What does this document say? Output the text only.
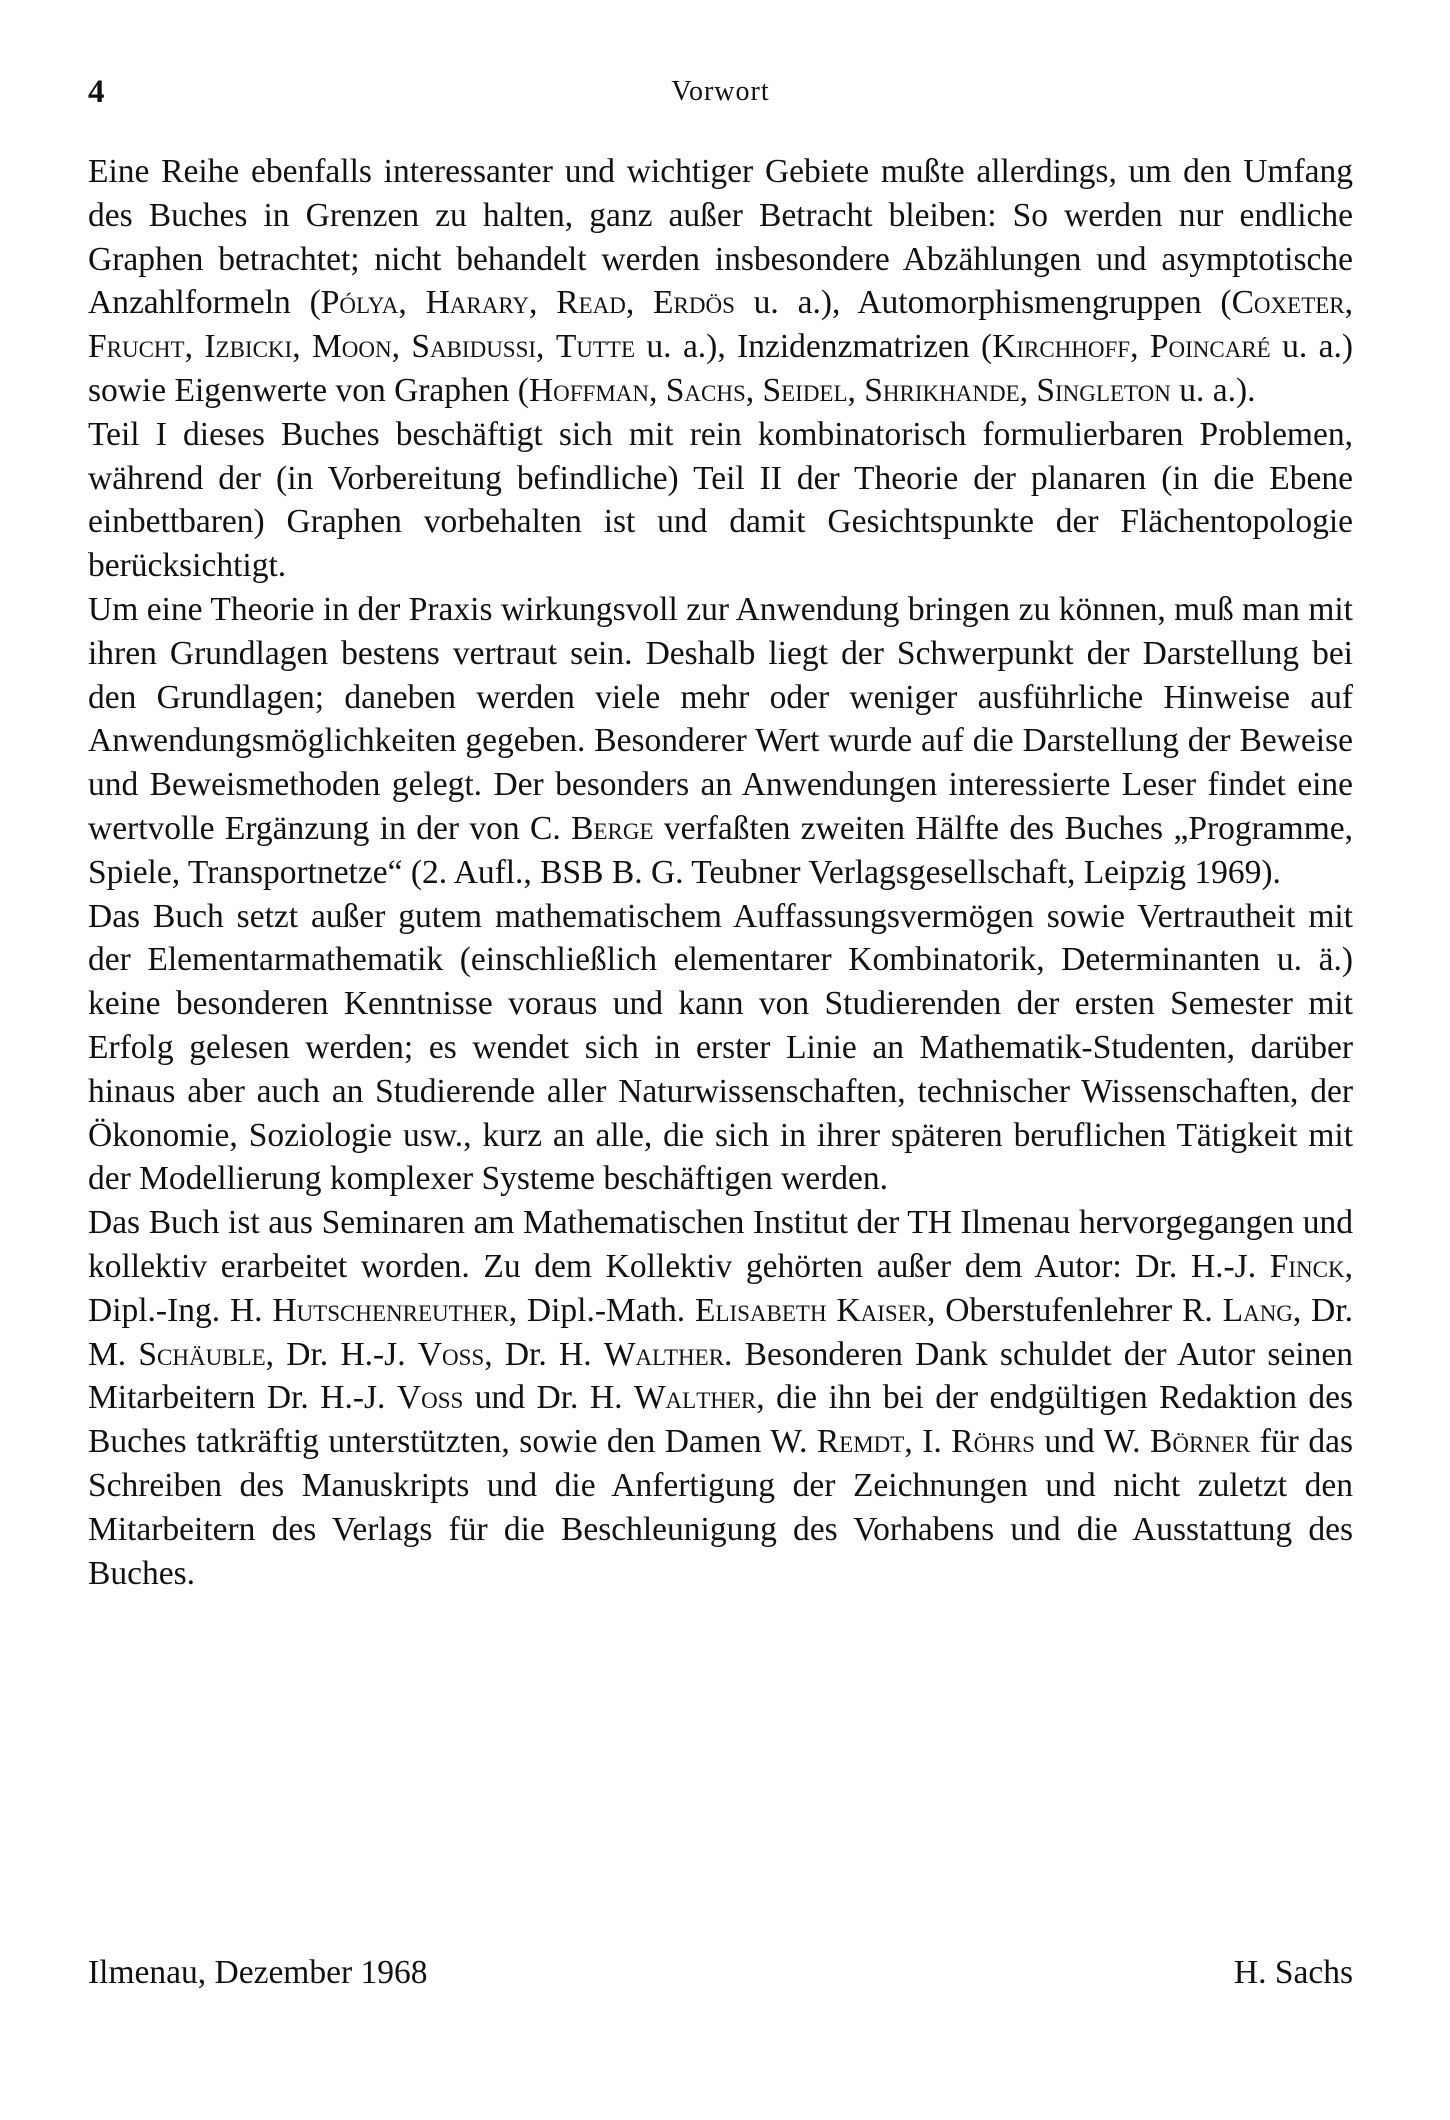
4	Vorwort

Eine Reihe ebenfalls interessanter und wichtiger Gebiete mußte allerdings, um den Umfang des Buches in Grenzen zu halten, ganz außer Betracht bleiben: So werden nur endliche Graphen betrachtet; nicht behandelt werden insbesondere Abzählungen und asymptotische Anzahlformeln (Pólya, Harary, Read, Erdös u. a.), Automorphismengruppen (Coxeter, Frucht, Izbicki, Moon, Sabidussi, Tutte u. a.), Inzidenzmatrizen (Kirchhoff, Poincaré u. a.) sowie Eigenwerte von Graphen (Hoffman, Sachs, Seidel, Shrikhande, Singleton u. a.).

Teil I dieses Buches beschäftigt sich mit rein kombinatorisch formulierbaren Problemen, während der (in Vorbereitung befindliche) Teil II der Theorie der planaren (in die Ebene einbettbaren) Graphen vorbehalten ist und damit Gesichtspunkte der Flächentopologie berücksichtigt.

Um eine Theorie in der Praxis wirkungsvoll zur Anwendung bringen zu können, muß man mit ihren Grundlagen bestens vertraut sein. Deshalb liegt der Schwerpunkt der Darstellung bei den Grundlagen; daneben werden viele mehr oder weniger ausführliche Hinweise auf Anwendungsmöglichkeiten gegeben. Besonderer Wert wurde auf die Darstellung der Beweise und Beweismethoden gelegt. Der besonders an Anwendungen interessierte Leser findet eine wertvolle Ergänzung in der von C. Berge verfaßten zweiten Hälfte des Buches „Programme, Spiele, Transportnetze“ (2. Aufl., BSB B. G. Teubner Verlagsgesellschaft, Leipzig 1969).

Das Buch setzt außer gutem mathematischem Auffassungsvermögen sowie Vertrautheit mit der Elementarmathematik (einschließlich elementarer Kombinatorik, Determinanten u. ä.) keine besonderen Kenntnisse voraus und kann von Studierenden der ersten Semester mit Erfolg gelesen werden; es wendet sich in erster Linie an Mathematik-Studenten, darüber hinaus aber auch an Studierende aller Naturwissenschaften, technischer Wissenschaften, der Ökonomie, Soziologie usw., kurz an alle, die sich in ihrer späteren beruflichen Tätigkeit mit der Modellierung komplexer Systeme beschäftigen werden.

Das Buch ist aus Seminaren am Mathematischen Institut der TH Ilmenau hervorgegangen und kollektiv erarbeitet worden. Zu dem Kollektiv gehörten außer dem Autor: Dr. H.-J. Finck, Dipl.-Ing. H. Hutschenreuther, Dipl.-Math. Elisabeth Kaiser, Oberstufenlehrer R. Lang, Dr. M. Schäuble, Dr. H.-J. Voss, Dr. H. Walther. Besonderen Dank schuldet der Autor seinen Mitarbeitern Dr. H.-J. Voss und Dr. H. Walther, die ihn bei der endgültigen Redaktion des Buches tatkräftig unterstützten, sowie den Damen W. Remdt, I. Röhrs und W. Börner für das Schreiben des Manuskripts und die Anfertigung der Zeichnungen und nicht zuletzt den Mitarbeitern des Verlags für die Beschleunigung des Vorhabens und die Ausstattung des Buches.

Ilmenau, Dezember 1968	H. Sachs
